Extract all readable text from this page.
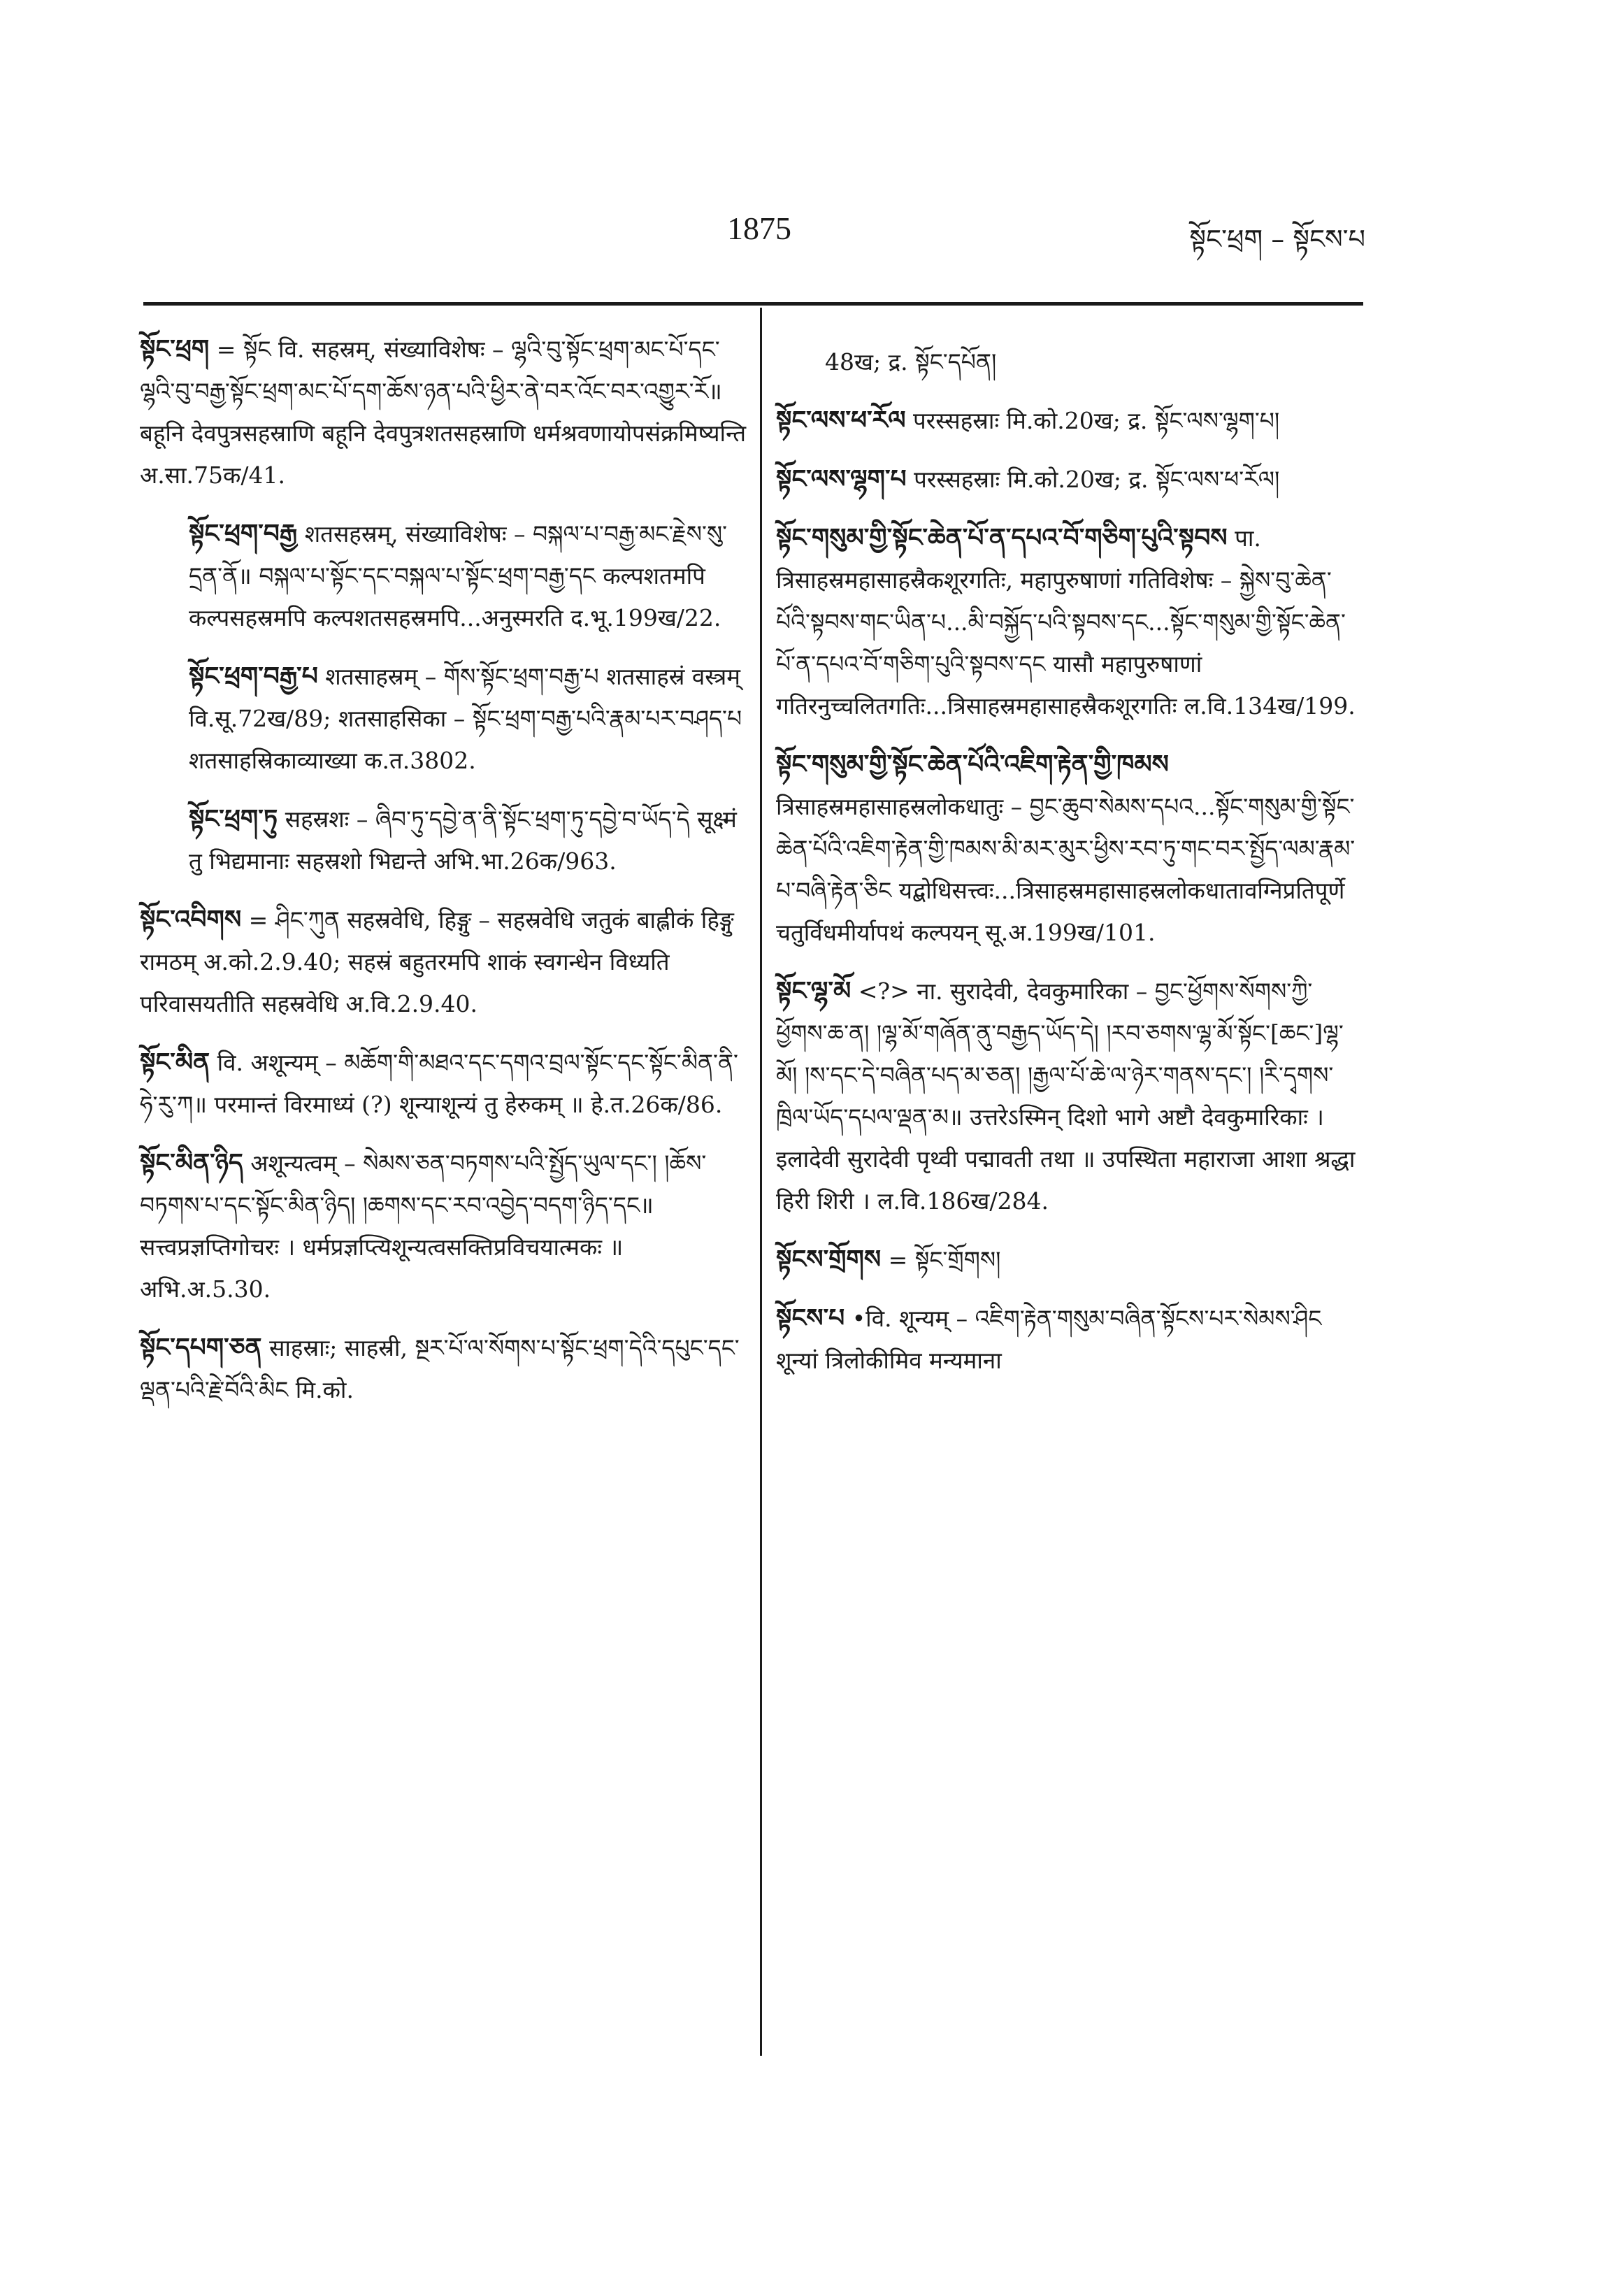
1875	སྟོང་ཕྲག – སྟོངས་པ

སྟོང་ཕྲག = སྟོང वि. सहस्रम्, संख्याविशेषः – ལྷའི་བུ་སྟོང་ཕྲག་མང་པོ་དང་ལྷའི་བུ་བརྒྱ་སྟོང་ཕྲག་མང་པོ་དག་ཆོས་ཉན་པའི་ཕྱིར་ནེ་བར་འོང་བར་འགྱུར་རོ॥ बहूनि देवपुत्रसहस्राणि बहूनि देवपुत्रशतसहस्राणि धर्मश्रवणायोपसंक्रमिष्यन्ति अ.सा.75क/41.

སྟོང་ཕྲག་བརྒྱ शतसहस्रम्, संख्याविशेषः – བསྐལ་པ་བརྒྱ་མང་རྗེས་སུ་དྲན་ནོ॥ བསྐལ་པ་སྟོང་དང་བསྐལ་པ་སྟོང་ཕྲག་བརྒྱ་དང कल्पशतमपि कल्पसहस्रमपि कल्पशतसहस्रमपि...अनुस्मरति द.भू.199ख/22.

སྟོང་ཕྲག་བརྒྱ་པ शतसाहस्रम् – གོས་སྟོང་ཕྲག་བརྒྱ་པ शतसाहस्रं वस्त्रम् वि.सू.72ख/89; शतसाहसिका – སྟོང་ཕྲག་བརྒྱ་པའི་རྣམ་པར་བཤད་པ शतसाहस्रिकाव्याख्या क.त.3802.

སྟོང་ཕྲག་ཏུ सहस्रशः – ཞིབ་ཏུ་དབྱེ་ན་ནི་སྟོང་ཕྲག་ཏུ་དབྱེ་བ་ཡོད་དེ सूक्ष्मं तु भिद्यमानाः सहस्रशो भिद्यन्ते अभि.भा.26क/963.

སྟོང་འབིགས = ཤིང་ཀུན सहस्रवेधि, हिङ्गु – सहस्रवेधि जतुकं बाह्लीकं हिङ्गु रामठम् अ.को.2.9.40; सहस्रं बहुतरमपि शाकं स्वगन्धेन विध्यति परिवासयतीति सहस्रवेधि अ.वि.2.9.40.

སྟོང་མིན वि. अशून्यम् – མཆོག་གི་མཐའ་དང་དགའ་བྲལ་སྟོང་དང་སྟོང་མིན་ནི་ཧེ་རུ་ཀ॥ परमान्तं विरमाध्यं (?) शून्याशून्यं तु हेरुकम् ॥ हे.त.26क/86.

སྟོང་མིན་ཉིད अशून्यत्वम् – སེམས་ཅན་བཏགས་པའི་སྤྱོད་ཡུལ་དང་། །ཆོས་བཏགས་པ་དང་སྟོང་མིན་ཉིད། །ཆགས་དང་རབ་འབྱེད་བདག་ཉིད་དང॥ सत्त्वप्रज्ञप्तिगोचरः । धर्मप्रज्ञप्त्यिशून्यत्वसक्तिप्रविचयात्मकः ॥ अभि.अ.5.30.

སྟོང་དཔག་ཅན साहस्राः; साहस्री, སྔར་པོ་ལ་སོགས་པ་སྟོང་ཕྲག་དེའི་དཔུང་དང་ལྡན་པའི་རྗེ་བོའི་མིང मि.को.

48ख; द्र. སྟོང་དཔོན།

སྟོང་ལས་ཕ་རོལ परस्सहस्राः मि.को.20ख; द्र. སྟོང་ལས་ལྷག་པ།

སྟོང་ལས་ལྷག་པ परस्सहस्राः मि.को.20ख; द्र. སྟོང་ལས་ཕ་རོལ།

སྟོང་གསུམ་གྱི་སྟོང་ཆེན་པོ་ན་དཔའ་བོ་གཅིག་པུའི་སྟབས पा. त्रिसाहस्रमहासाहस्रैकशूरगतिः, महापुरुषाणां गतिविशेषः – སྐྱེས་བུ་ཆེན་པོའི་སྟབས་གང་ཡིན་པ...མི་བསྐྱོད་པའི་སྟབས་དང...སྟོང་གསུམ་གྱི་སྟོང་ཆེན་པོ་ན་དཔའ་བོ་གཅིག་པུའི་སྟབས་དང यासौ महापुरुषाणां गतिरनुच्चलितगतिः...त्रिसाहस्रमहासाहस्रैकशूरगतिः ल.वि.134ख/199.

སྟོང་གསུམ་གྱི་སྟོང་ཆེན་པོའི་འཇིག་རྟེན་གྱི་ཁམས त्रिसाहस्रमहासाहस्रलोकधातुः – བྱང་ཆུབ་སེམས་དཔའ...སྟོང་གསུམ་གྱི་སྟོང་ཆེན་པོའི་འཇིག་རྟེན་གྱི་ཁམས་མི་མར་མུར་ཕྱིས་རབ་ཏུ་གང་བར་སྤྱོད་ལམ་རྣམ་པ་བཞི་རྟེན་ཅིང यद्बोधिसत्त्वः...त्रिसाहस्रमहासाहस्रलोकधातावग्निप्रतिपूर्णे चतुर्विधमीर्यापथं कल्पयन् सू.अ.199ख/101.

སྟོང་ལྷ་མོ <?> ना. सुरादेवी, देवकुमारिका – བྱང་ཕྱོགས་སོགས་ཀྱི་ཕྱོགས་ཆ་ན། །ལྷ་མོ་གཞོན་ནུ་བརྒྱད་ཡོད་དེ། །རབ་ཅགས་ལྷ་མོ་སྟོང་[ཆང་]ལྷ་མོ། །ས་དང་དེ་བཞིན་པད་མ་ཅན། །རྒྱལ་པོ་ཆེ་ལ་ཉེར་གནས་དང་། །རི་དྭགས་ཁྲིལ་ཡོད་དཔལ་ལྡན་མ॥ उत्तरेऽस्मिन् दिशो भागे अष्टौ देवकुमारिकाः । इलादेवी सुरादेवी पृथ्वी पद्मावती तथा ॥ उपस्थिता महाराजा आशा श्रद्धा हिरी शिरी । ल.वि.186ख/284.

སྟོངས་གྲོགས = སྟོང་གྲོགས།

སྟོངས་པ •वि. शून्यम् – འཇིག་རྟེན་གསུམ་བཞིན་སྟོངས་པར་སེམས་ཤིང शून्यां त्रिलोकीमिव मन्यमाना
